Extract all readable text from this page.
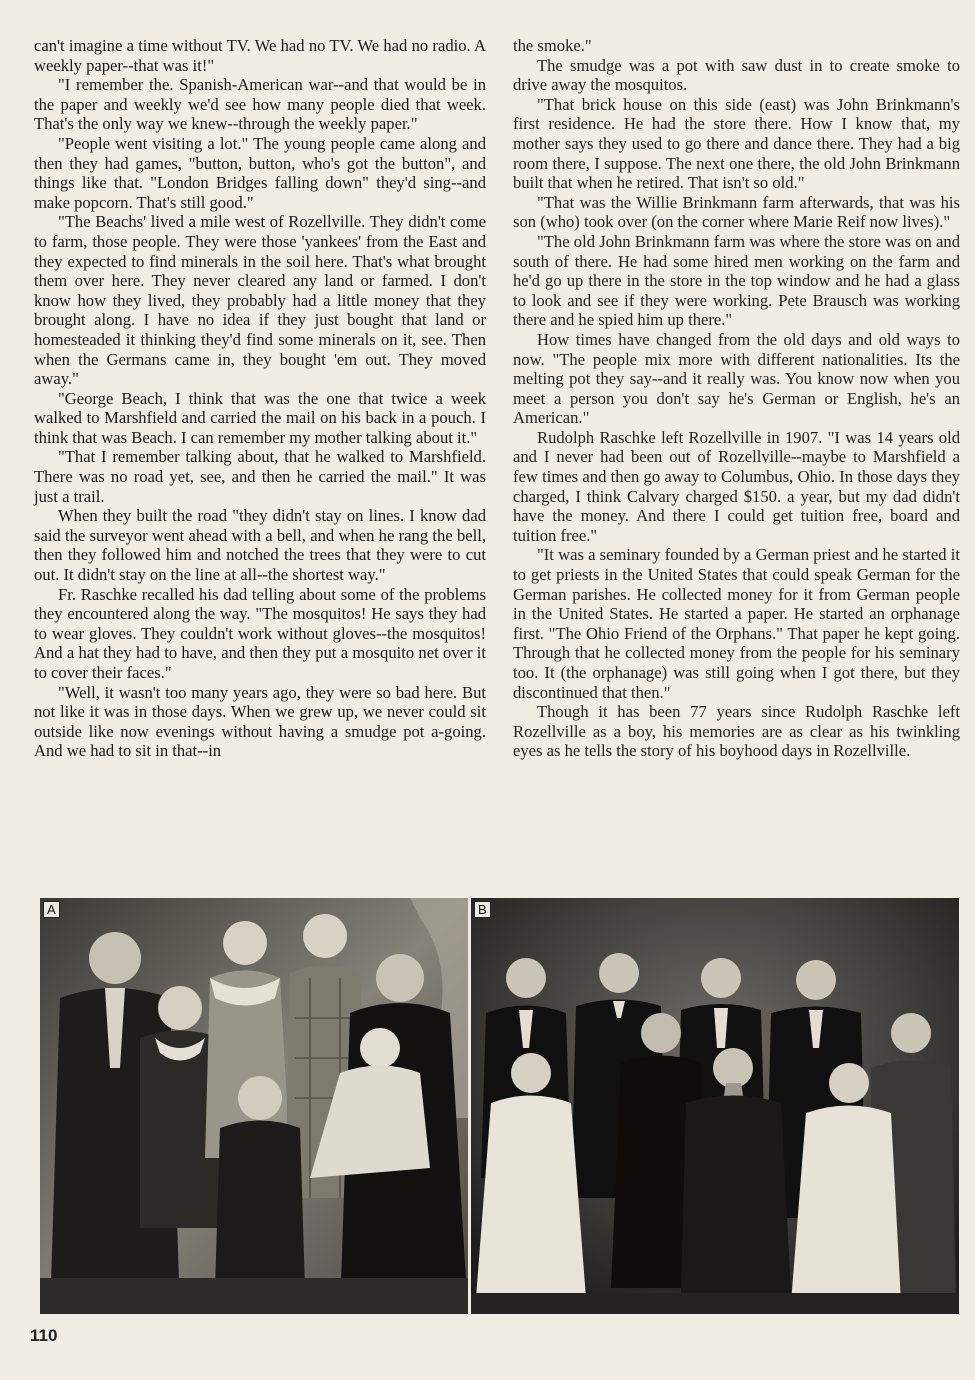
can't imagine a time without TV. We had no TV. We had no radio. A weekly paper--that was it!"

"I remember the. Spanish-American war--and that would be in the paper and weekly we'd see how many people died that week. That's the only way we knew--through the weekly paper."

"People went visiting a lot." The young people came along and then they had games, "button, button, who's got the button", and things like that. "London Bridges falling down" they'd sing--and make popcorn. That's still good."

"The Beachs' lived a mile west of Rozellville. They didn't come to farm, those people. They were those 'yankees' from the East and they expected to find minerals in the soil here. That's what brought them over here. They never cleared any land or farmed. I don't know how they lived, they probably had a little money that they brought along. I have no idea if they just bought that land or homesteaded it thinking they'd find some minerals on it, see. Then when the Germans came in, they bought 'em out. They moved away."

"George Beach, I think that was the one that twice a week walked to Marshfield and carried the mail on his back in a pouch. I think that was Beach. I can remember my mother talking about it."

"That I remember talking about, that he walked to Marshfield. There was no road yet, see, and then he carried the mail." It was just a trail.

When they built the road "they didn't stay on lines. I know dad said the surveyor went ahead with a bell, and when he rang the bell, then they followed him and notched the trees that they were to cut out. It didn't stay on the line at all--the shortest way."

Fr. Raschke recalled his dad telling about some of the problems they encountered along the way. "The mosquitos! He says they had to wear gloves. They couldn't work without gloves--the mosquitos! And a hat they had to have, and then they put a mosquito net over it to cover their faces."

"Well, it wasn't too many years ago, they were so bad here. But not like it was in those days. When we grew up, we never could sit outside like now evenings without having a smudge pot a-going. And we had to sit in that--in

the smoke."

The smudge was a pot with saw dust in to create smoke to drive away the mosquitos.

"That brick house on this side (east) was John Brinkmann's first residence. He had the store there. How I know that, my mother says they used to go there and dance there. They had a big room there, I suppose. The next one there, the old John Brinkmann built that when he retired. That isn't so old."

"That was the Willie Brinkmann farm afterwards, that was his son (who) took over (on the corner where Marie Reif now lives)."

"The old John Brinkmann farm was where the store was on and south of there. He had some hired men working on the farm and he'd go up there in the store in the top window and he had a glass to look and see if they were working. Pete Brausch was working there and he spied him up there."

How times have changed from the old days and old ways to now. "The people mix more with different nationalities. Its the melting pot they say--and it really was. You know now when you meet a person you don't say he's German or English, he's an American."

Rudolph Raschke left Rozellville in 1907. "I was 14 years old and I never had been out of Rozellville--maybe to Marshfield a few times and then go away to Columbus, Ohio. In those days they charged, I think Calvary charged $150. a year, but my dad didn't have the money. And there I could get tuition free, board and tuition free."

"It was a seminary founded by a German priest and he started it to get priests in the United States that could speak German for the German parishes. He collected money for it from German people in the United States. He started a paper. He started an orphanage first. "The Ohio Friend of the Orphans." That paper he kept going. Through that he collected money from the people for his seminary too. It (the orphanage) was still going when I got there, but they discontinued that then."

Though it has been 77 years since Rudolph Raschke left Rozellville as a boy, his memories are as clear as his twinkling eyes as he tells the story of his boyhood days in Rozellville.

A	B
110
